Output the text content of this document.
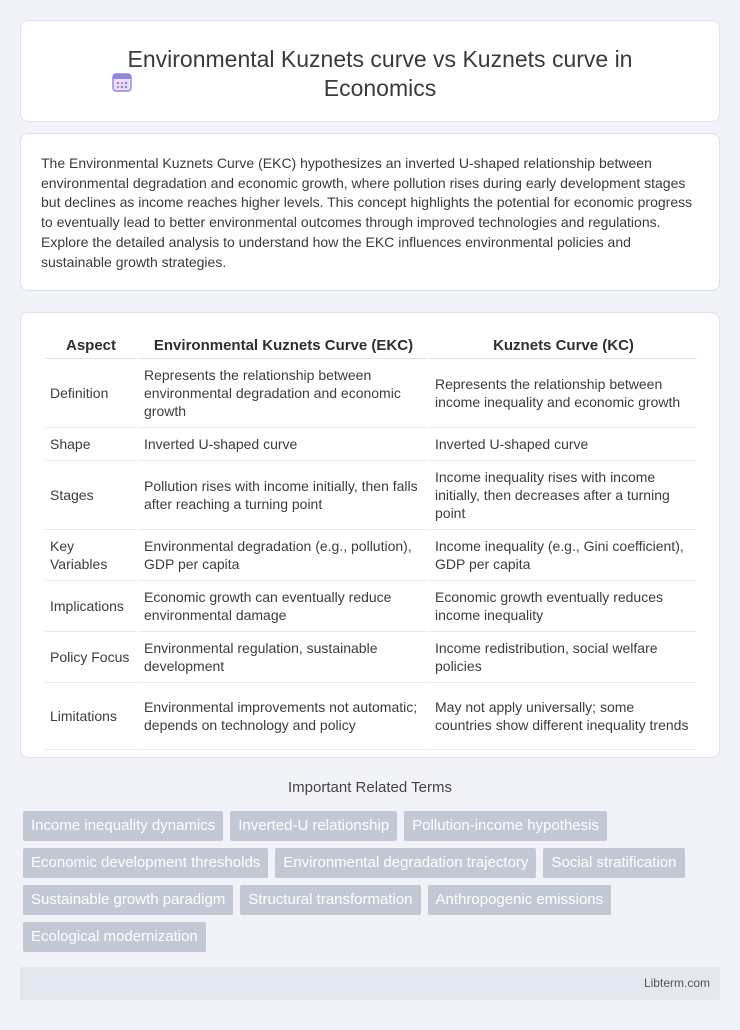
Environmental Kuznets curve vs Kuznets curve in Economics

The Environmental Kuznets Curve (EKC) hypothesizes an inverted U-shaped relationship between environmental degradation and economic growth, where pollution rises during early development stages but declines as income reaches higher levels. This concept highlights the potential for economic progress to eventually lead to better environmental outcomes through improved technologies and regulations. Explore the detailed analysis to understand how the EKC influences environmental policies and sustainable growth strategies.

Aspect	Environmental Kuznets Curve (EKC)	Kuznets Curve (KC)
Definition	Represents the relationship between environmental degradation and economic growth	Represents the relationship between income inequality and economic growth
Shape	Inverted U-shaped curve	Inverted U-shaped curve
Stages	Pollution rises with income initially, then falls after reaching a turning point	Income inequality rises with income initially, then decreases after a turning point
Key Variables	Environmental degradation (e.g., pollution), GDP per capita	Income inequality (e.g., Gini coefficient), GDP per capita
Implications	Economic growth can eventually reduce environmental damage	Economic growth eventually reduces income inequality
Policy Focus	Environmental regulation, sustainable development	Income redistribution, social welfare policies
Limitations	Environmental improvements not automatic; depends on technology and policy	May not apply universally; some countries show different inequality trends
Important Related Terms
Income inequality dynamics	Inverted-U relationship	Pollution-income hypothesis
Economic development thresholds	Environmental degradation trajectory	Social stratification
Sustainable growth paradigm	Structural transformation	Anthropogenic emissions
Ecological modernization
Libterm.com
